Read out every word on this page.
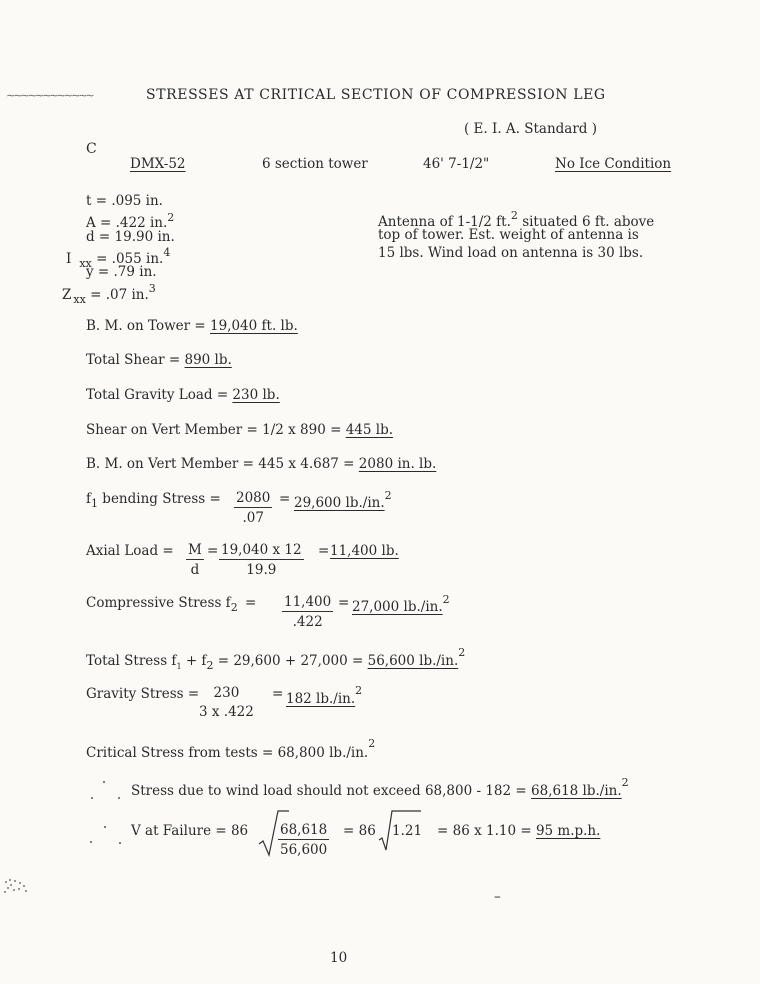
∼∼∼∼∼∼∼∼∼∼∼∼	STRESSES AT CRITICAL SECTION OF COMPRESSION LEG
( E. I. A. Standard )
C
DMX-52	6 section tower	46' 7-1/2"	No Ice Condition
t = .095 in.
A = .422 in.$^2$
d = 19.90 in.
I $_{xx}$ = .055 in.$^4$
y = .79 in.
Z $_{xx}$ = .07 in.$^3$
Antenna of 1-1/2 ft.$^2$ situated 6 ft. above
top of tower. Est. weight of antenna is
15 lbs. Wind load on antenna is 30 lbs.
B. M. on Tower = 19,040 ft. lb.
Total Shear = 890 lb.
Total Gravity Load = 230 lb.
Shear on Vert Member = 1/2 x 890 = 445 lb.
B. M. on Vert Member = 445 x 4.687 = 2080 in. lb.
$f_1$ bending Stress = $\frac{2080}{.07} = 29,600$ lb./in.$^2$
Axial Load = $\frac{M}{d} = \frac{19,040 x 12}{19.9} = 11,400$ lb.
Compressive Stress $f_2 = \frac{11,400}{.422} = 27,000$ lb./in.$^2$
Total Stress $f_1 + f_2 = 29,600 + 27,000 = 56,600$ lb./in.$^2$
Gravity Stress =	230
3 x .422
= 182 lb./in.$^2$
Critical Stress from tests = 68,800 lb./in.$^2$
Stress due to wind load should not exceed 68,800 - 182 = 68,618 lb./in.$^2$
V at Failure = $86 \frac{68,618}{56,600} = 86$ 1.21 = 86 x 1.10 = 95 m.p.h.
–
10
